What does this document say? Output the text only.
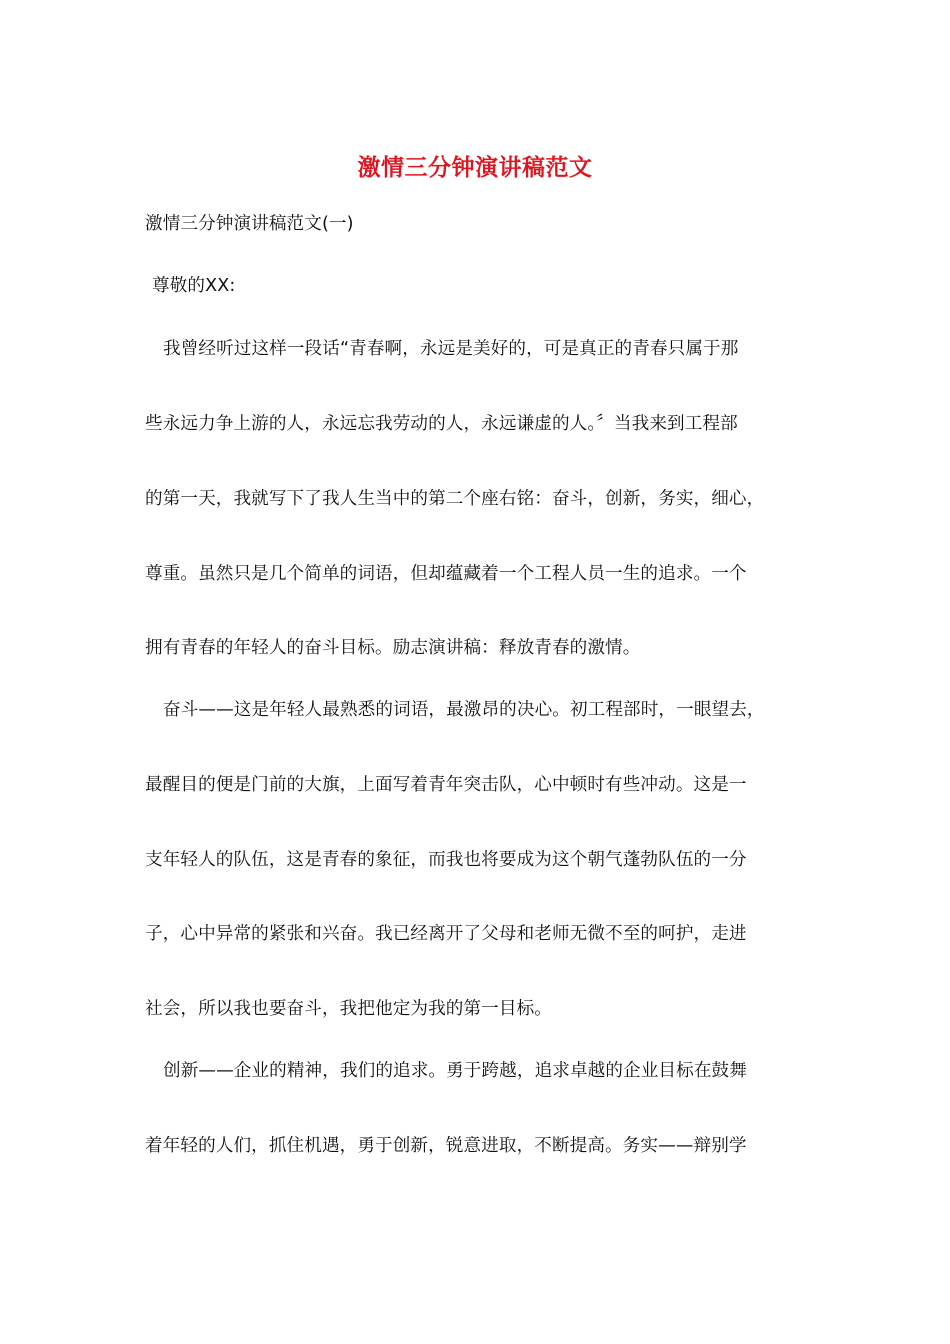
激情三分钟演讲稿范文
激情三分钟演讲稿范文(一)
尊敬的XX:
我曾经听过这样一段话“青春啊，永远是美好的，可是真正的青春只属于那
些永远力争上游的人，永远忘我劳动的人，永远谦虚的人。〞当我来到工程部
的第一天，我就写下了我人生当中的第二个座右铭：奋斗，创新，务实，细心，
尊重。虽然只是几个简单的词语，但却蕴藏着一个工程人员一生的追求。一个
拥有青春的年轻人的奋斗目标。励志演讲稿：释放青春的激情。
奋斗——这是年轻人最熟悉的词语，最激昂的决心。初工程部时，一眼望去，
最醒目的便是门前的大旗，上面写着青年突击队，心中顿时有些冲动。这是一
支年轻人的队伍，这是青春的象征，而我也将要成为这个朝气蓬勃队伍的一分
子，心中异常的紧张和兴奋。我已经离开了父母和老师无微不至的呵护，走进
社会，所以我也要奋斗，我把他定为我的第一目标。
创新——企业的精神，我们的追求。勇于跨越，追求卓越的企业目标在鼓舞
着年轻的人们，抓住机遇，勇于创新，锐意进取，不断提高。务实——辩别学
